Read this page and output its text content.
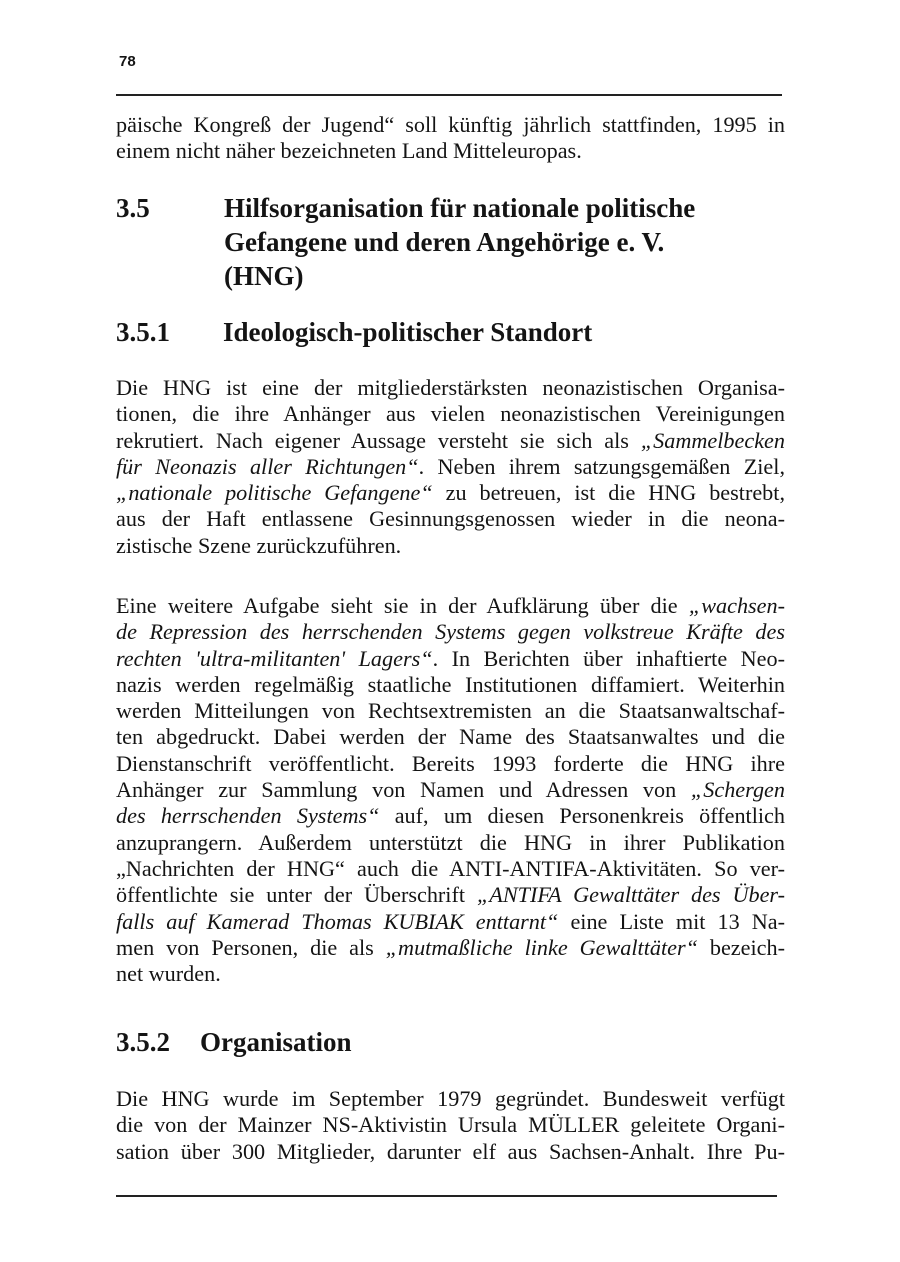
78
päische Kongreß der Jugend“ soll künftig jährlich stattfinden, 1995 in
einem nicht näher bezeichneten Land Mitteleuropas.
3.5	Hilfsorganisation für nationale politische
Gefangene und deren Angehörige e. V.
(HNG)
3.5.1 Ideologisch-politischer Standort
Die HNG ist eine der mitgliederstärksten neonazistischen Organisa-
tionen, die ihre Anhänger aus vielen neonazistischen Vereinigungen
rekrutiert. Nach eigener Aussage versteht sie sich als „Sammelbecken
für Neonazis aller Richtungen“. Neben ihrem satzungsgemäßen Ziel,
„nationale politische Gefangene“ zu betreuen, ist die HNG bestrebt,
aus der Haft entlassene Gesinnungsgenossen wieder in die neona-
zistische Szene zurückzuführen.
Eine weitere Aufgabe sieht sie in der Aufklärung über die „wachsen-
de Repression des herrschenden Systems gegen volkstreue Kräfte des
rechten 'ultra-militanten' Lagers“. In Berichten über inhaftierte Neo-
nazis werden regelmäßig staatliche Institutionen diffamiert. Weiterhin
werden Mitteilungen von Rechtsextremisten an die Staatsanwaltschaf-
ten abgedruckt. Dabei werden der Name des Staatsanwaltes und die
Dienstanschrift veröffentlicht. Bereits 1993 forderte die HNG ihre
Anhänger zur Sammlung von Namen und Adressen von „Schergen
des herrschenden Systems“ auf, um diesen Personenkreis öffentlich
anzuprangern. Außerdem unterstützt die HNG in ihrer Publikation
„Nachrichten der HNG“ auch die ANTI-ANTIFA-Aktivitäten. So ver-
öffentlichte sie unter der Überschrift „ANTIFA Gewalttäter des Über-
falls auf Kamerad Thomas KUBIAK enttarnt“ eine Liste mit 13 Na-
men von Personen, die als „mutmaßliche linke Gewalttäter“ bezeich-
net wurden.
3.5.2 Organisation
Die HNG wurde im September 1979 gegründet. Bundesweit verfügt
die von der Mainzer NS-Aktivistin Ursula MÜLLER geleitete Organi-
sation über 300 Mitglieder, darunter elf aus Sachsen-Anhalt. Ihre Pu-
